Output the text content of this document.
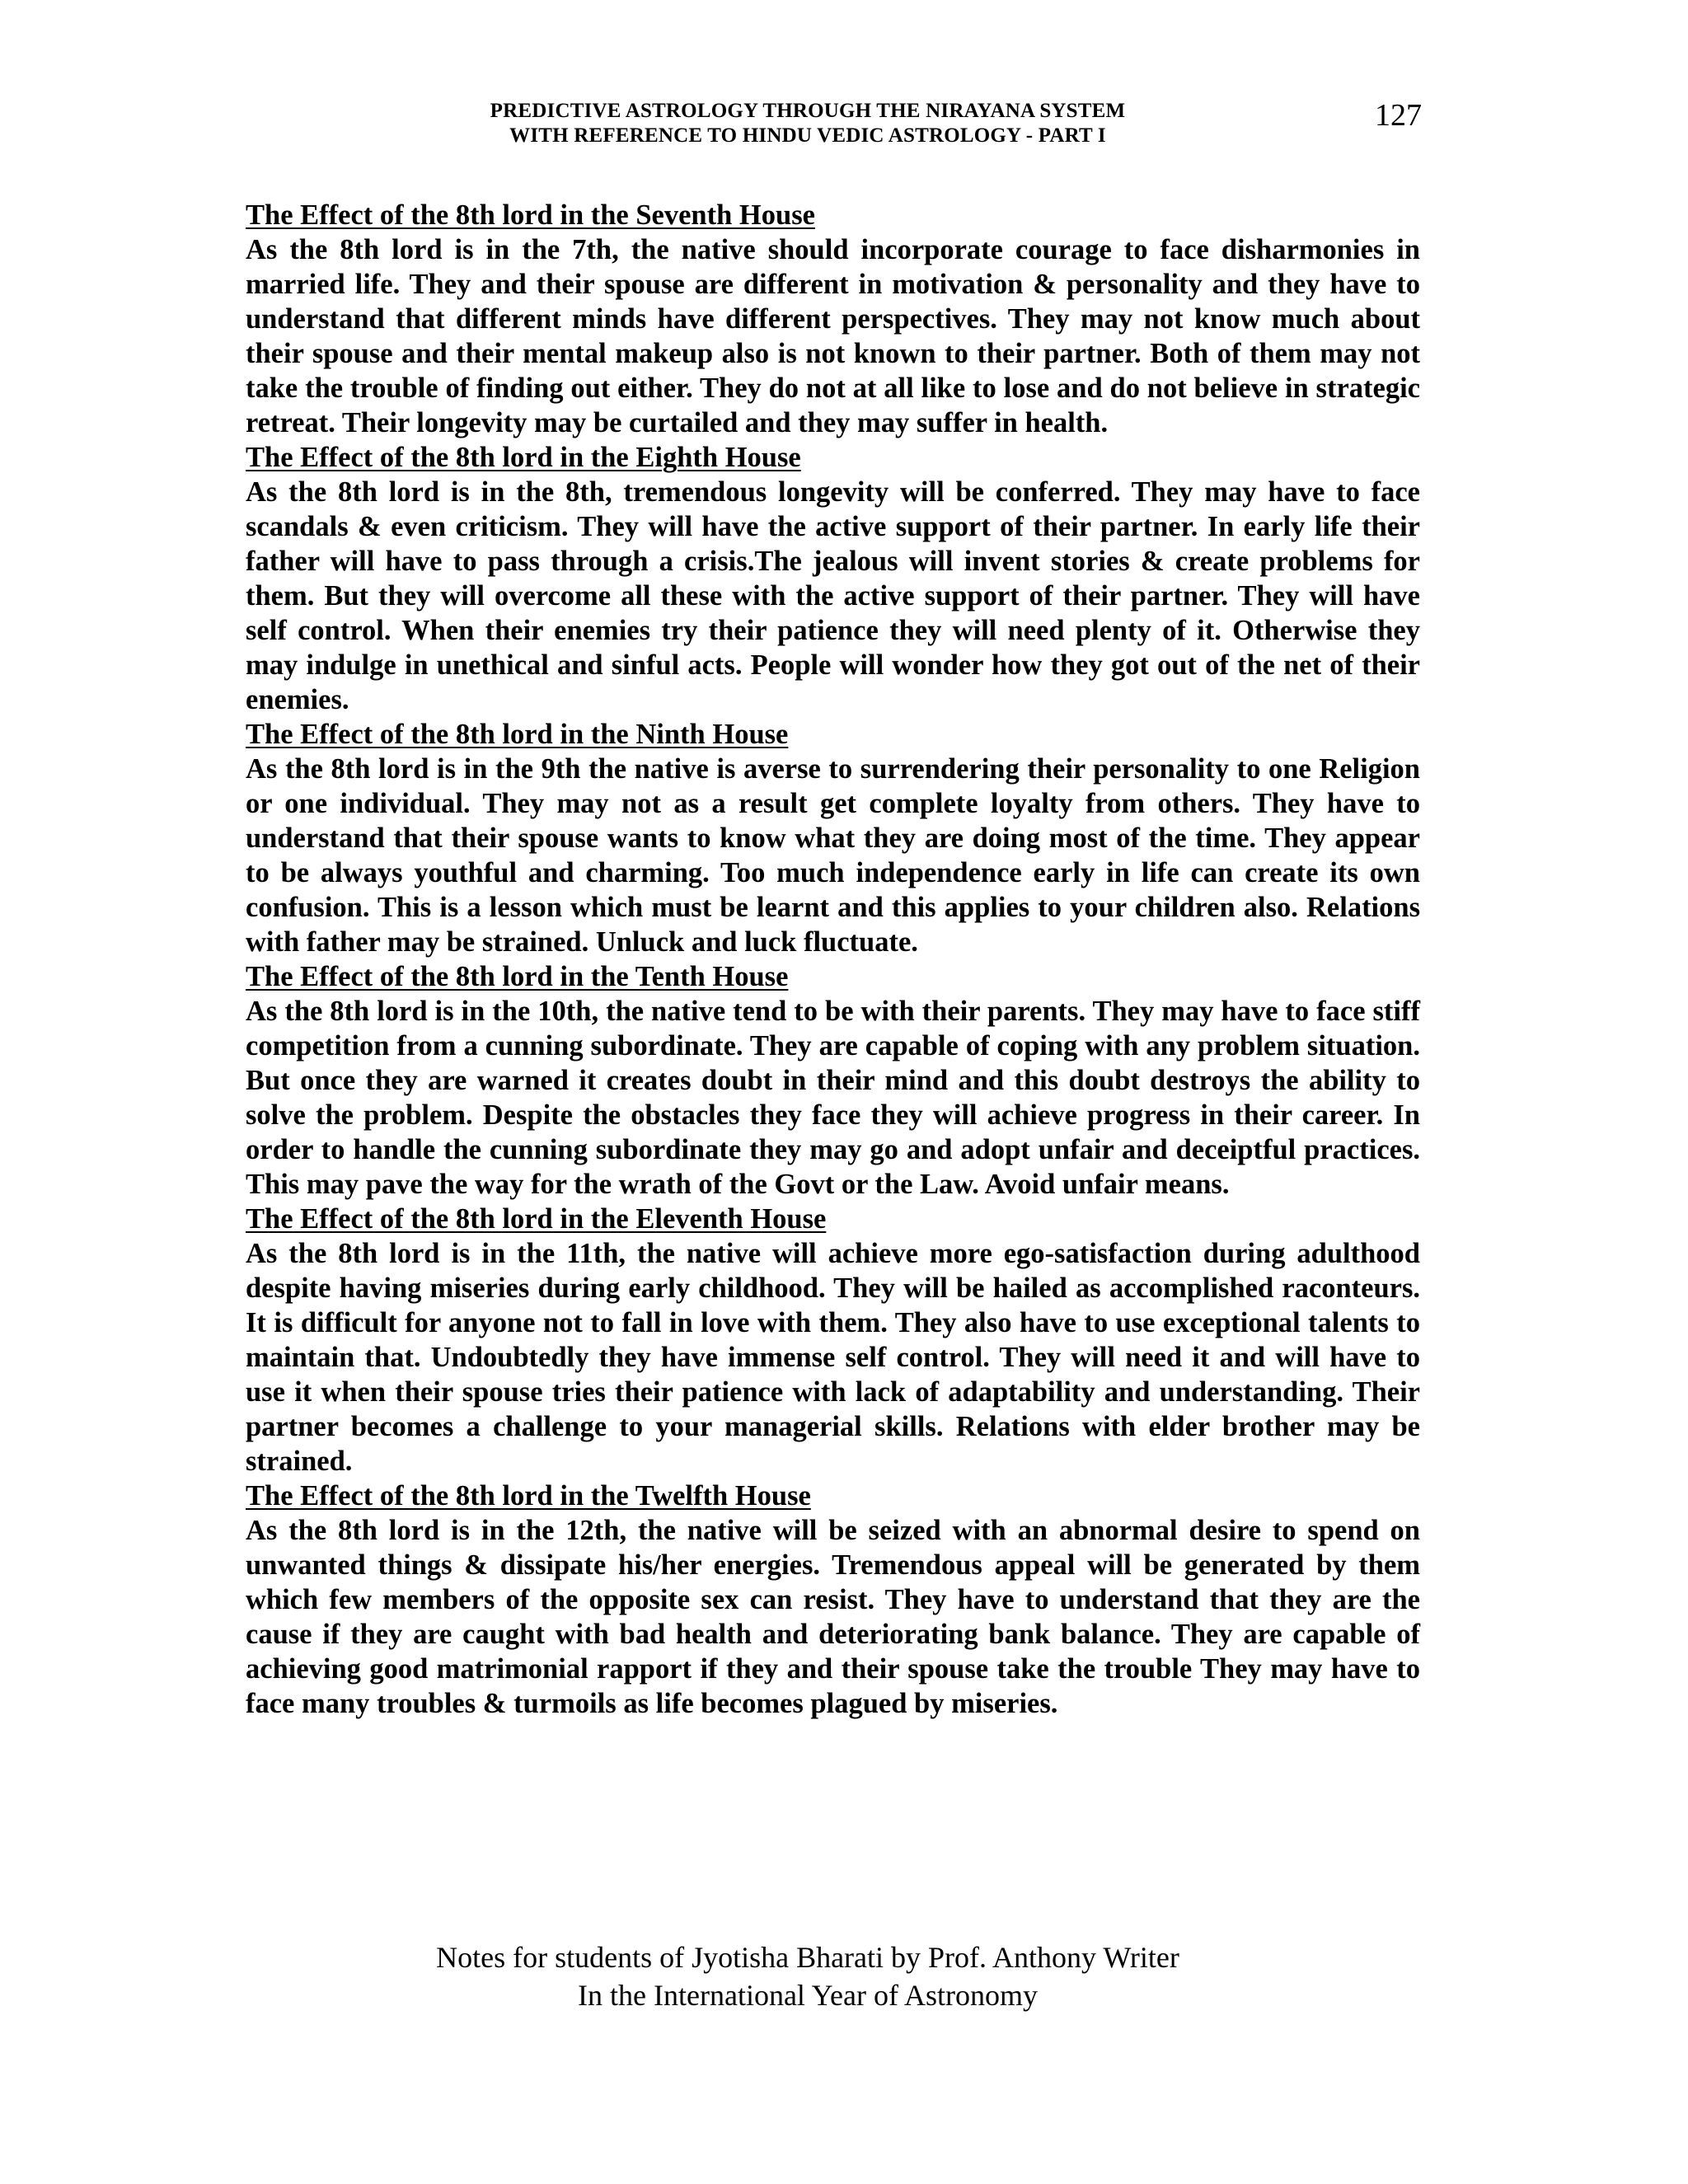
PREDICTIVE ASTROLOGY THROUGH THE NIRAYANA SYSTEM
WITH REFERENCE TO HINDU VEDIC ASTROLOGY - PART I
127
The Effect of the 8th lord in the Seventh House

As the 8th lord is in the 7th, the native should incorporate courage to face disharmonies in married life. They and their spouse are different in motivation & personality and they have to understand that different minds have different perspectives. They may not know much about their spouse and their mental makeup also is not known to their partner. Both of them may not take the trouble of finding out either. They do not at all like to lose and do not believe in strategic retreat. Their longevity may be curtailed and they may suffer in health.

The Effect of the 8th lord in the Eighth House

As the 8th lord is in the 8th, tremendous longevity will be conferred. They may have to face scandals & even criticism. They will have the active support of their partner. In early life their father will have to pass through a crisis.The jealous will invent stories & create problems for them. But they will overcome all these with the active support of their partner. They will have self control. When their enemies try their patience they will need plenty of it. Otherwise they may indulge in unethical and sinful acts. People will wonder how they got out of the net of their enemies.

The Effect of the 8th lord in the Ninth House

As the 8th lord is in the 9th the native is averse to surrendering their personality to one Religion or one individual. They may not as a result get complete loyalty from others. They have to understand that their spouse wants to know what they are doing most of the time. They appear to be always youthful and charming. Too much independence early in life can create its own confusion. This is a lesson which must be learnt and this applies to your children also. Relations with father may be strained. Unluck and luck fluctuate.

The Effect of the 8th lord in the Tenth House

As the 8th lord is in the 10th, the native tend to be with their parents. They may have to face stiff competition from a cunning subordinate. They are capable of coping with any problem situation. But once they are warned it creates doubt in their mind and this doubt destroys the ability to solve the problem. Despite the obstacles they face they will achieve progress in their career. In order to handle the cunning subordinate they may go and adopt unfair and deceiptful practices. This may pave the way for the wrath of the Govt or the Law. Avoid unfair means.

The Effect of the 8th lord in the Eleventh House

As the 8th lord is in the 11th, the native will achieve more ego-satisfaction during adulthood despite having miseries during early childhood. They will be hailed as accomplished raconteurs. It is difficult for anyone not to fall in love with them. They also have to use exceptional talents to maintain that. Undoubtedly they have immense self control. They will need it and will have to use it when their spouse tries their patience with lack of adaptability and understanding. Their partner becomes a challenge to your managerial skills. Relations with elder brother may be strained.

The Effect of the 8th lord in the Twelfth House

As the 8th lord is in the 12th, the native will be seized with an abnormal desire to spend on unwanted things & dissipate his/her energies. Tremendous appeal will be generated by them which few members of the opposite sex can resist. They have to understand that they are the cause if they are caught with bad health and deteriorating bank balance. They are capable of achieving good matrimonial rapport if they and their spouse take the trouble They may have to face many troubles & turmoils as life becomes plagued by miseries.

Notes for students of Jyotisha Bharati by Prof. Anthony Writer
In the International Year of Astronomy
